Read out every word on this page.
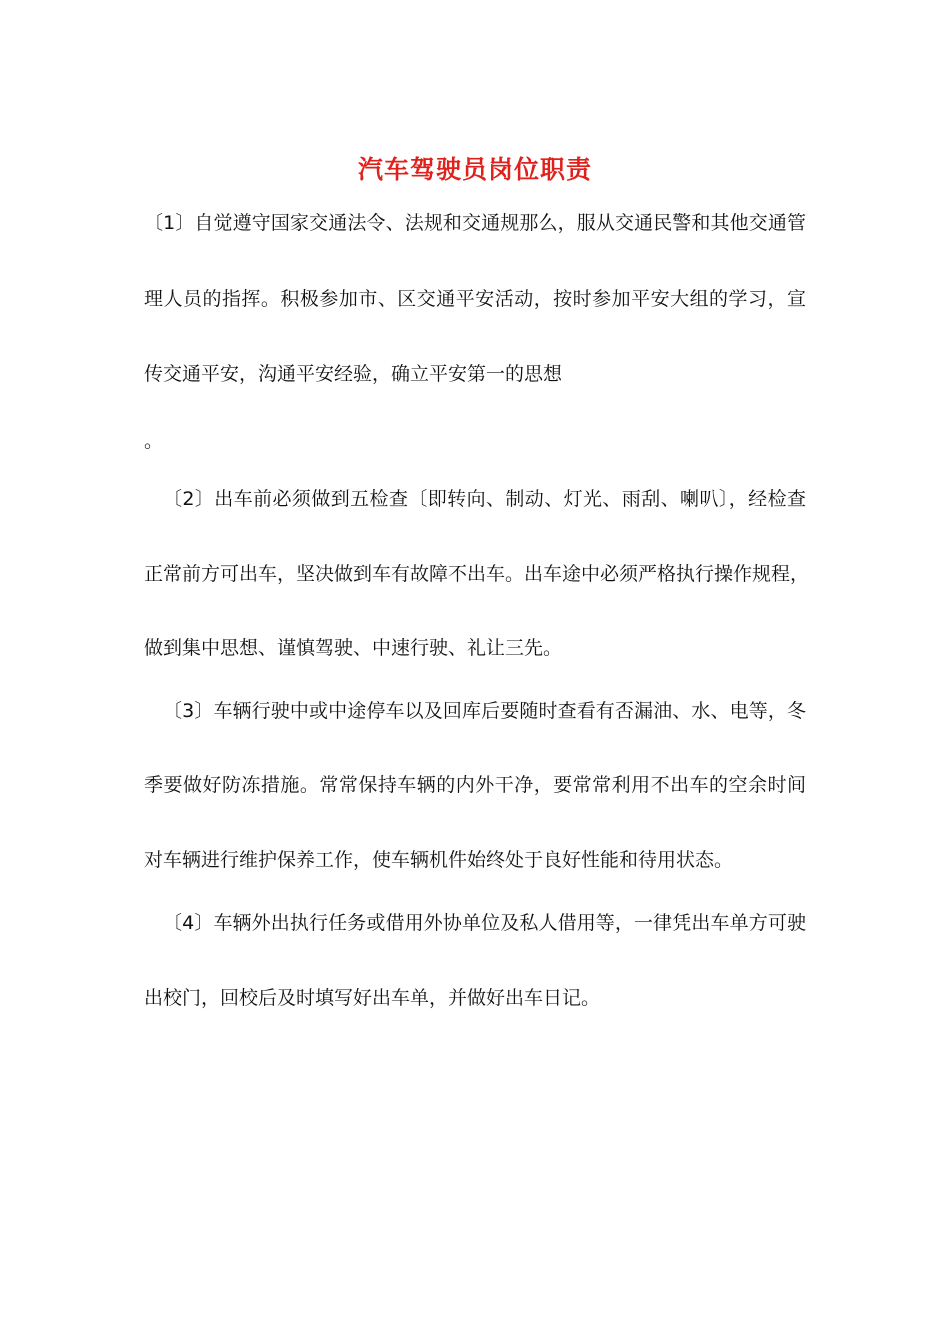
汽车驾驶员岗位职责
〔1〕自觉遵守国家交通法令、法规和交通规那么，服从交通民警和其他交通管
理人员的指挥。积极参加市、区交通平安活动，按时参加平安大组的学习，宣
传交通平安，沟通平安经验，确立平安第一的思想
。
〔2〕出车前必须做到五检查〔即转向、制动、灯光、雨刮、喇叭〕，经检查
正常前方可出车，坚决做到车有故障不出车。出车途中必须严格执行操作规程，
做到集中思想、谨慎驾驶、中速行驶、礼让三先。
〔3〕车辆行驶中或中途停车以及回库后要随时查看有否漏油、水、电等，冬
季要做好防冻措施。常常保持车辆的内外干净，要常常利用不出车的空余时间
对车辆进行维护保养工作，使车辆机件始终处于良好性能和待用状态。
〔4〕车辆外出执行任务或借用外协单位及私人借用等，一律凭出车单方可驶
出校门，回校后及时填写好出车单，并做好出车日记。
